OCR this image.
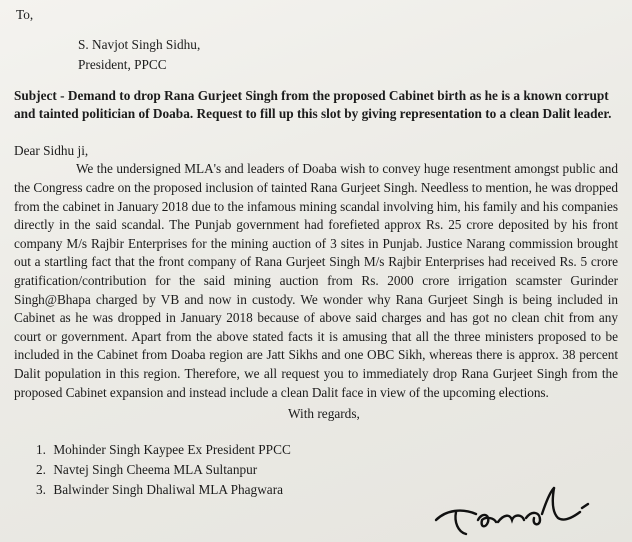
To,

S. Navjot Singh Sidhu,
President, PPCC

Subject - Demand to drop Rana Gurjeet Singh from the proposed Cabinet birth as he is a known corrupt and tainted politician of Doaba. Request to fill up this slot by giving representation to a clean Dalit leader.

Dear Sidhu ji,

We the undersigned MLA's and leaders of Doaba wish to convey huge resentment amongst public and the Congress cadre on the proposed inclusion of tainted Rana Gurjeet Singh. Needless to mention, he was dropped from the cabinet in January 2018 due to the infamous mining scandal involving him, his family and his companies directly in the said scandal. The Punjab government had forefieted approx Rs. 25 crore deposited by his front company M/s Rajbir Enterprises for the mining auction of 3 sites in Punjab. Justice Narang commission brought out a startling fact that the front company of Rana Gurjeet Singh M/s Rajbir Enterprises had received Rs. 5 crore gratification/contribution for the said mining auction from Rs. 2000 crore irrigation scamster Gurinder Singh@Bhapa charged by VB and now in custody. We wonder why Rana Gurjeet Singh is being included in Cabinet as he was dropped in January 2018 because of above said charges and has got no clean chit from any court or government. Apart from the above stated facts it is amusing that all the three ministers proposed to be included in the Cabinet from Doaba region are Jatt Sikhs and one OBC Sikh, whereas there is approx. 38 percent Dalit population in this region. Therefore, we all request you to immediately drop Rana Gurjeet Singh from the proposed Cabinet expansion and instead include a clean Dalit face in view of the upcoming elections.

With regards,

1. Mohinder Singh Kaypee Ex President PPCC
2. Navtej Singh Cheema MLA Sultanpur
3. Balwinder Singh Dhaliwal MLA Phagwara
